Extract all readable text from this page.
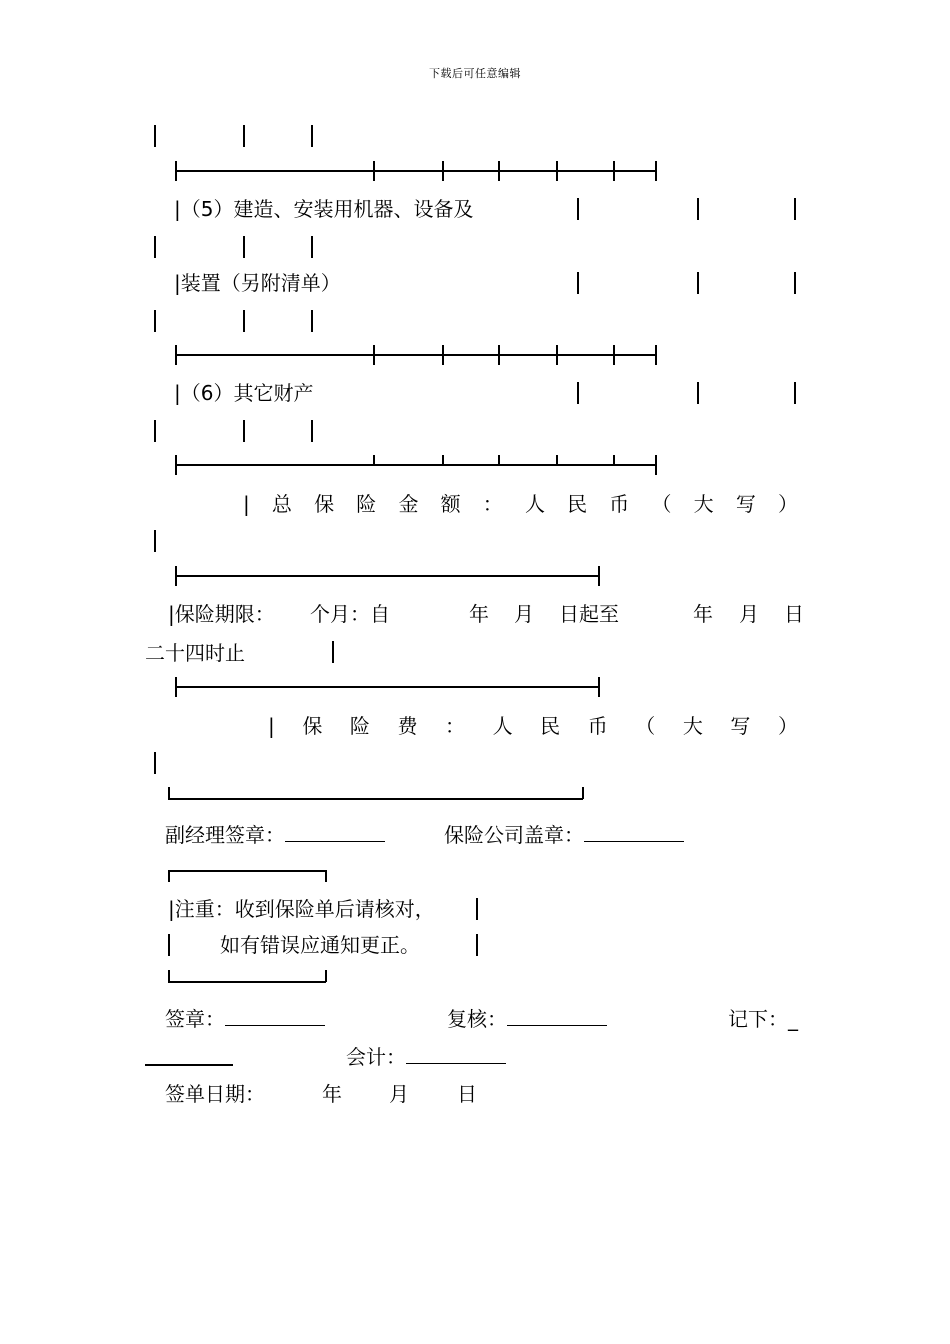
下载后可任意编辑
|（5）建造、安装用机器、设备及
|装置（另附清单）
|（6）其它财产
| 总 保 险 金 额 ： 人 民 币 （ 大 写 ）
|保险期限： 个月：自	年 月 日起至	年 月 日
二十四时止
| 保 险 费 ： 人 民 币 （ 大 写 ）
副经理签章：	保险公司盖章：
|注重：收到保险单后请核对，
如有错误应通知更正。
签章：	复核：	记下：_
会计：
签单日期：	年 月 日
